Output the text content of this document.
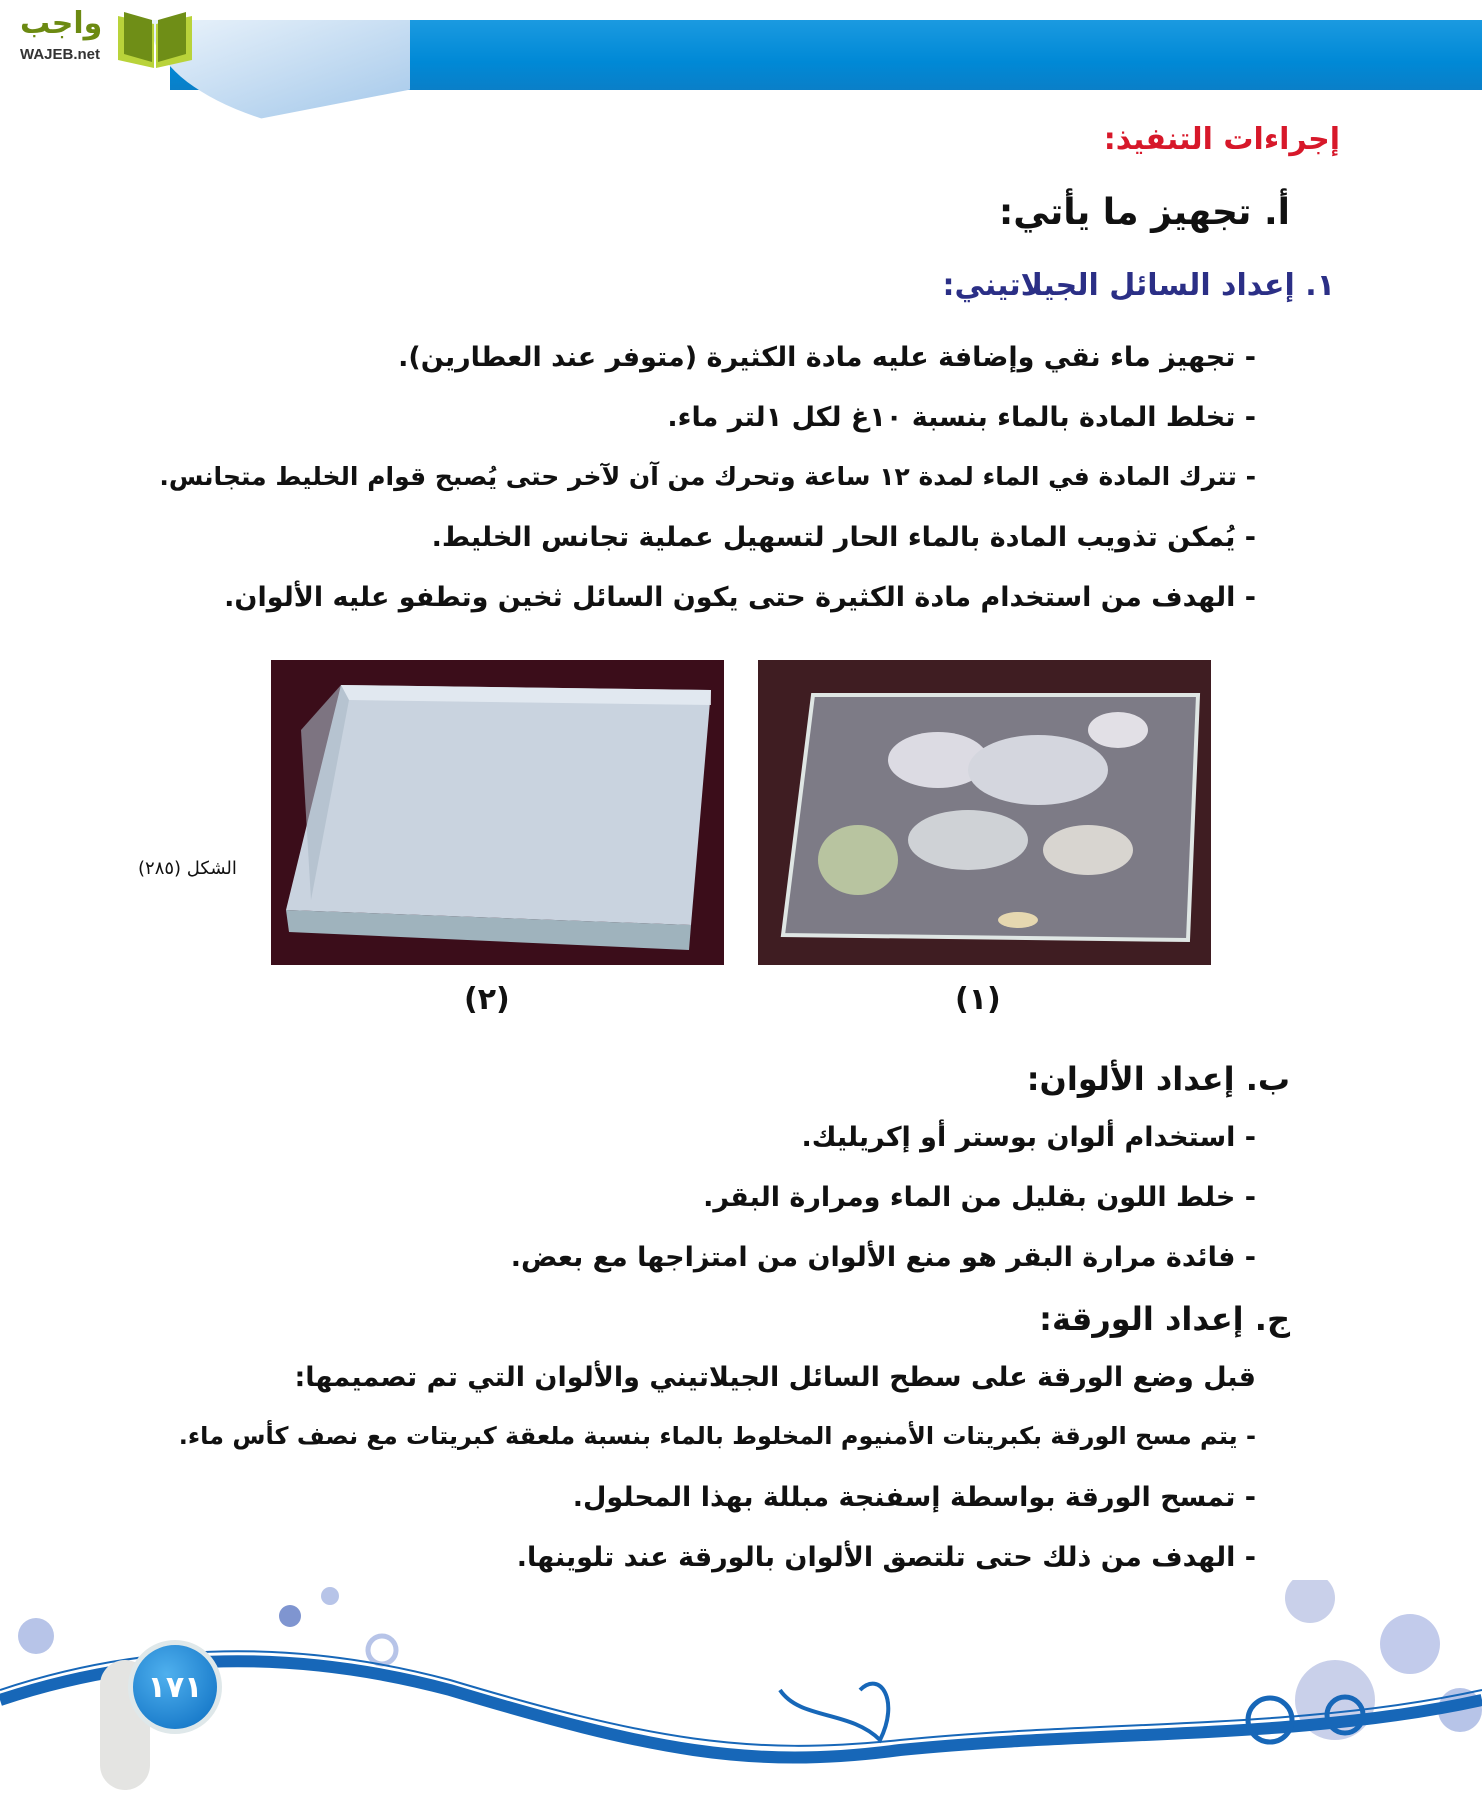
واجب
WAJEB.net
إجراءات التنفيذ:
أ. تجهيز ما يأتي:
١. إعداد السائل الجيلاتيني:
- تجهيز ماء نقي وإضافة عليه مادة الكثيرة (متوفر عند العطارين).
- تخلط المادة بالماء بنسبة ١٠غ لكل ١لتر ماء.
- تترك المادة في الماء لمدة ١٢ ساعة وتحرك من آن لآخر حتى يُصبح قوام الخليط متجانس.
- يُمكن تذويب المادة بالماء الحار لتسهيل عملية تجانس الخليط.
- الهدف من استخدام مادة الكثيرة حتى يكون السائل ثخين وتطفو عليه الألوان.
الشكل (٢٨٥)
(٢)	(١)
ب. إعداد الألوان:
- استخدام ألوان بوستر أو إكريليك.
- خلط اللون بقليل من الماء ومرارة البقر.
- فائدة مرارة البقر هو منع الألوان من امتزاجها مع بعض.
ج. إعداد الورقة:
قبل وضع الورقة على سطح السائل الجيلاتيني والألوان التي تم تصميمها:
- يتم مسح الورقة بكبريتات الأمنيوم المخلوط بالماء بنسبة ملعقة كبريتات مع نصف كأس ماء.
- تمسح الورقة بواسطة إسفنجة مبللة بهذا المحلول.
- الهدف من ذلك حتى تلتصق الألوان بالورقة عند تلوينها.
١٧١
